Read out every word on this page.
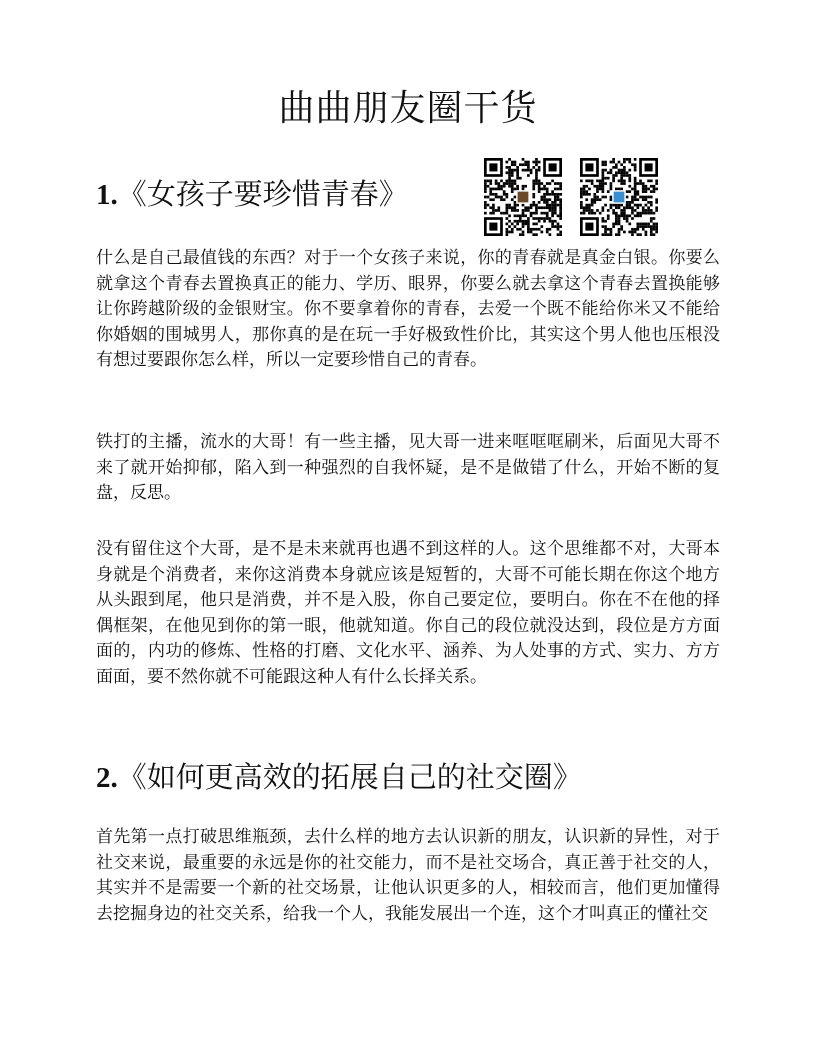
曲曲朋友圈干货
1.《女孩子要珍惜青春》

什么是自己最值钱的东西？对于一个女孩子来说，你的青春就是真金白银。你要么就拿这个青春去置换真正的能力、学历、眼界，你要么就去拿这个青春去置换能够让你跨越阶级的金银财宝。你不要拿着你的青春，去爱一个既不能给你米又不能给你婚姻的围城男人，那你真的是在玩一手好极致性价比，其实这个男人他也压根没有想过要跟你怎么样，所以一定要珍惜自己的青春。

铁打的主播，流水的大哥！有一些主播，见大哥一进来哐哐哐刷米，后面见大哥不来了就开始抑郁，陷入到一种强烈的自我怀疑，是不是做错了什么，开始不断的复盘，反思。

没有留住这个大哥，是不是未来就再也遇不到这样的人。这个思维都不对，大哥本身就是个消费者，来你这消费本身就应该是短暂的，大哥不可能长期在你这个地方从头跟到尾，他只是消费，并不是入股，你自己要定位，要明白。你在不在他的择偶框架，在他见到你的第一眼，他就知道。你自己的段位就没达到，段位是方方面面的，内功的修炼、性格的打磨、文化水平、涵养、为人处事的方式、实力、方方面面，要不然你就不可能跟这种人有什么长择关系。

2.《如何更高效的拓展自己的社交圈》

首先第一点打破思维瓶颈，去什么样的地方去认识新的朋友，认识新的异性，对于社交来说，最重要的永远是你的社交能力，而不是社交场合，真正善于社交的人，其实并不是需要一个新的社交场景，让他认识更多的人，相较而言，他们更加懂得去挖掘身边的社交关系，给我一个人，我能发展出一个连，这个才叫真正的懂社交
